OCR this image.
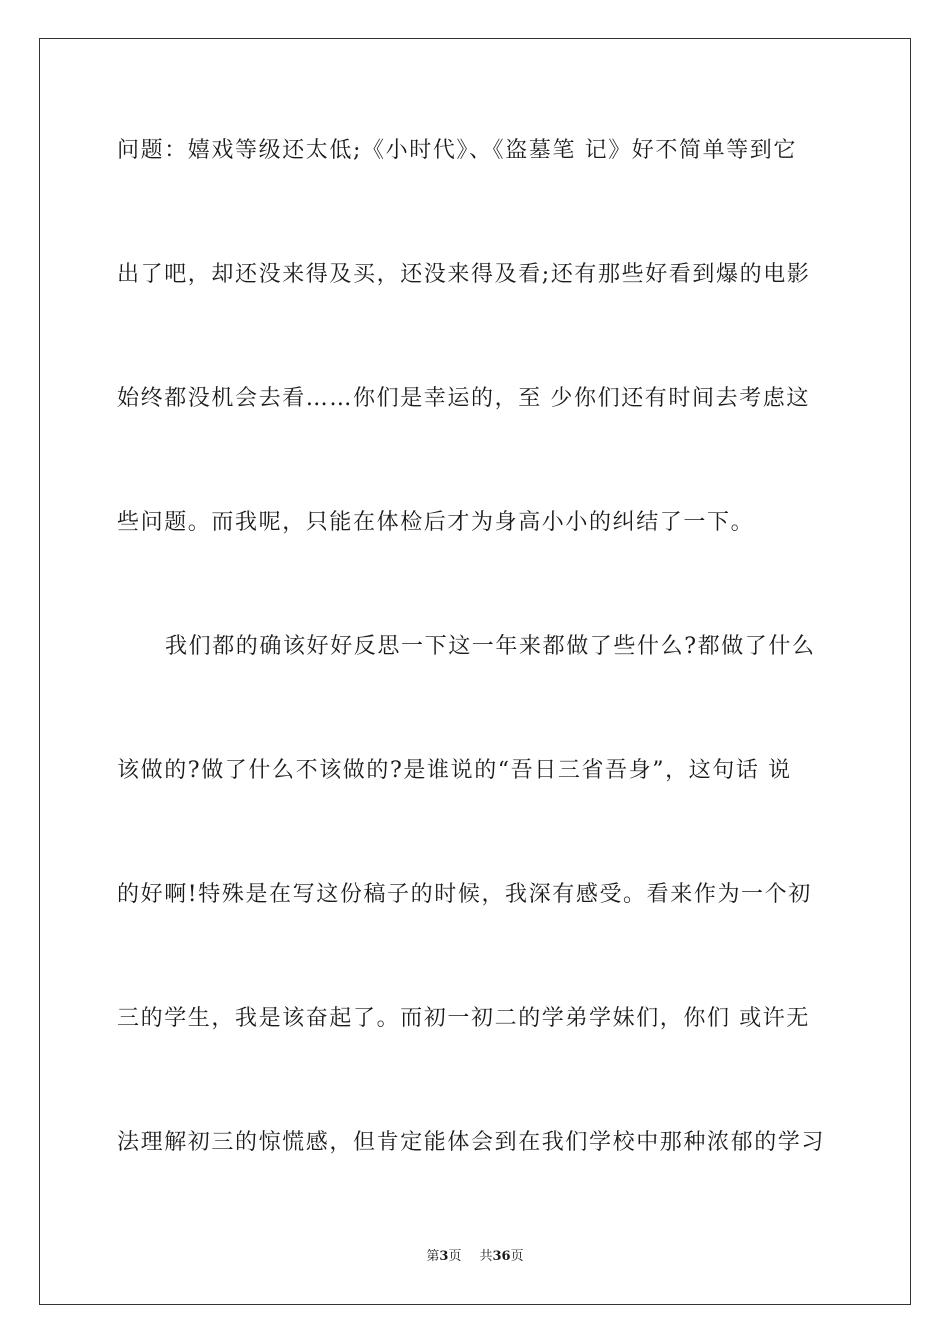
问题：嬉戏等级还太低;《小时代》、《盗墓笔 记》好不简单等到它
出了吧，却还没来得及买，还没来得及看;还有那些好看到爆的电影
始终都没机会去看……你们是幸运的，至 少你们还有时间去考虑这
些问题。而我呢，只能在体检后才为身高小小的纠结了一下。
我们都的确该好好反思一下这一年来都做了些什么?都做了什么
该做的?做了什么不该做的?是谁说的“吾日三省吾身”，这句话 说
的好啊!特殊是在写这份稿子的时候，我深有感受。看来作为一个初
三的学生，我是该奋起了。而初一初二的学弟学妹们，你们 或许无
法理解初三的惊慌感，但肯定能体会到在我们学校中那种浓郁的学习
第3页 共36页
